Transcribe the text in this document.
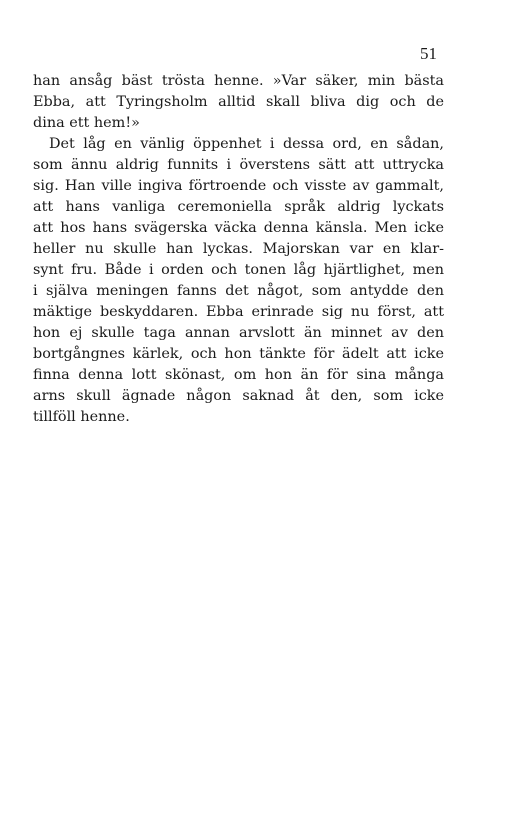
51
han ansåg bäst trösta henne. »Var säker, min bästa
Ebba, att Tyringsholm alltid skall bliva dig och de
dina ett hem!»
Det låg en vänlig öppenhet i dessa ord, en sådan,
som ännu aldrig funnits i överstens sätt att uttrycka
sig. Han ville ingiva förtroende och visste av gammalt,
att hans vanliga ceremoniella språk aldrig lyckats
att hos hans svägerska väcka denna känsla. Men icke
heller nu skulle han lyckas. Majorskan var en klar-
synt fru. Både i orden och tonen låg hjärtlighet, men
i själva meningen fanns det något, som antydde den
mäktige beskyddaren. Ebba erinrade sig nu först, att
hon ej skulle taga annan arvslott än minnet av den
bortgångnes kärlek, och hon tänkte för ädelt att icke
finna denna lott skönast, om hon än för sina många
arns skull ägnade någon saknad åt den, som icke
tillföll henne.
